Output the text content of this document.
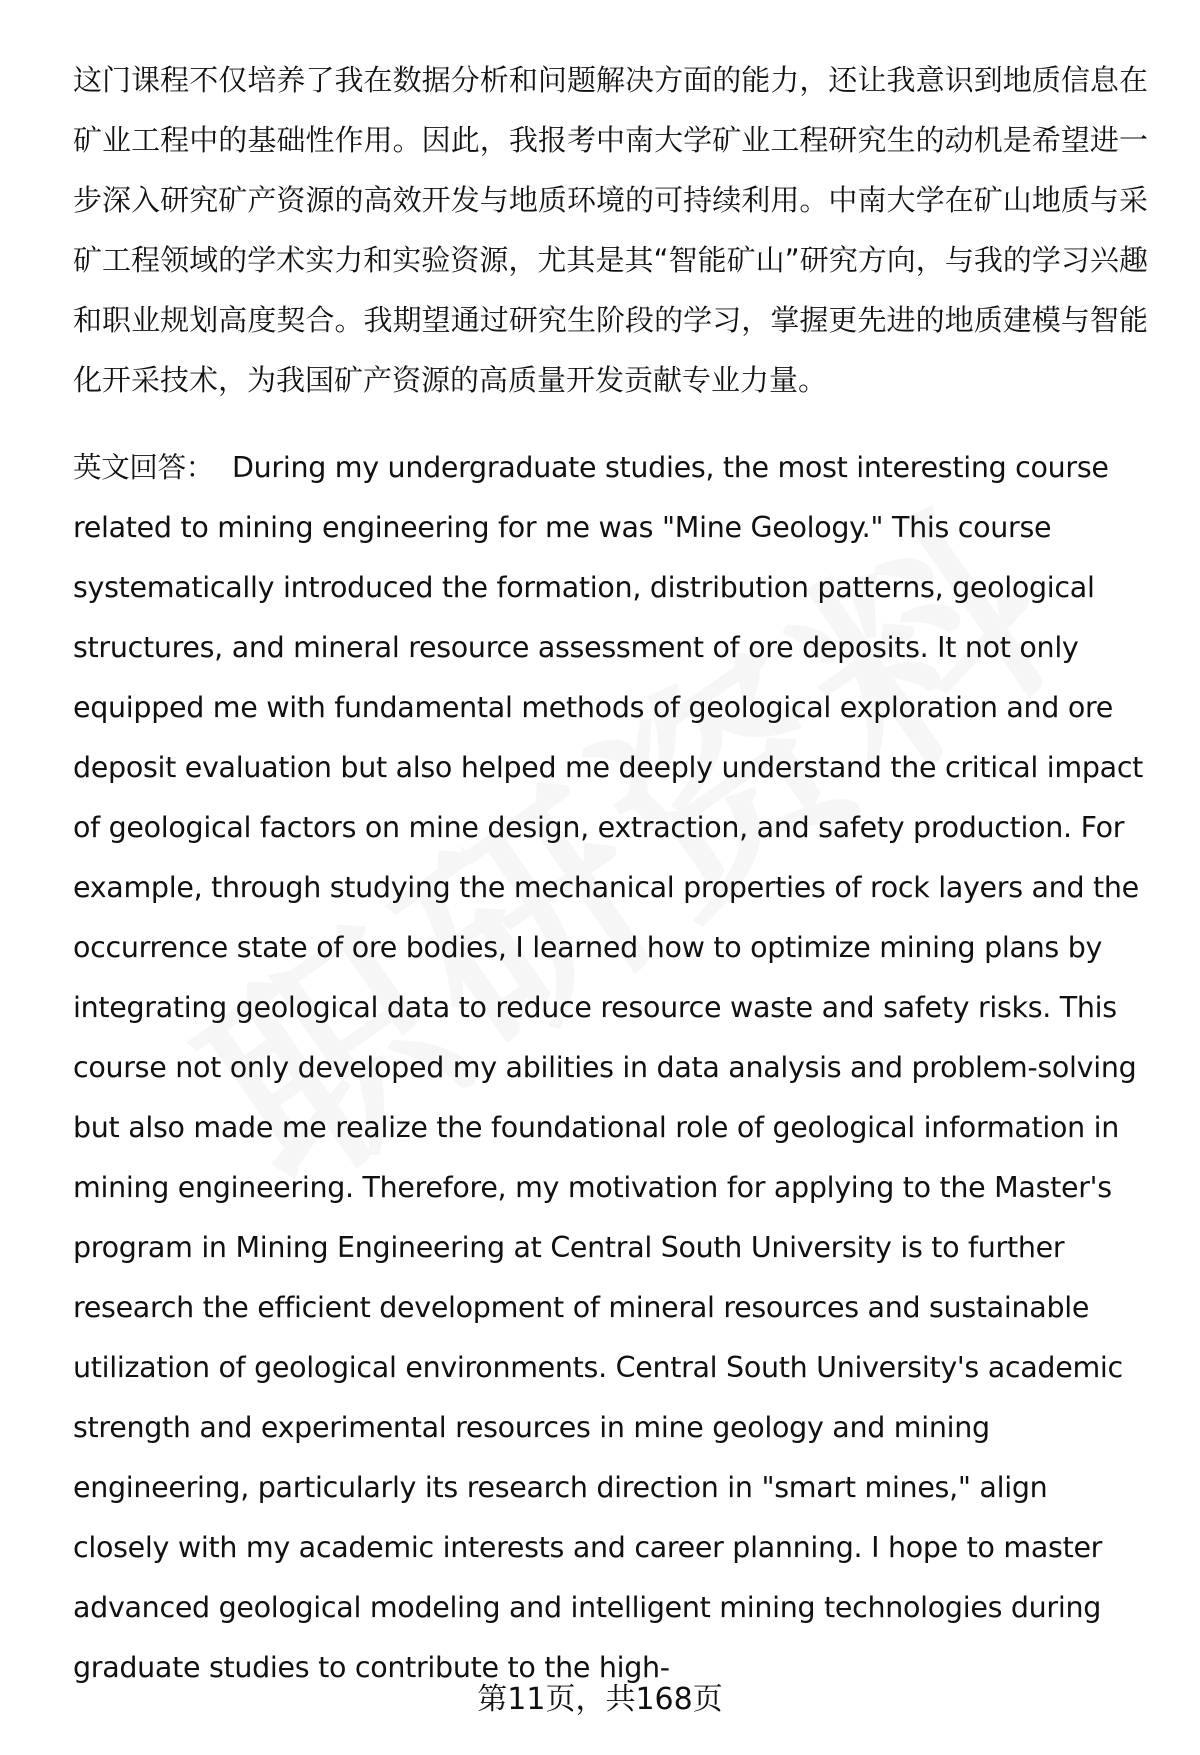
这门课程不仅培养了我在数据分析和问题解决方面的能力，还让我意识到地质信息在矿业工程中的基础性作用。因此，我报考中南大学矿业工程研究生的动机是希望进一步深入研究矿产资源的高效开发与地质环境的可持续利用。中南大学在矿山地质与采矿工程领域的学术实力和实验资源，尤其是其“智能矿山”研究方向，与我的学习兴趣和职业规划高度契合。我期望通过研究生阶段的学习，掌握更先进的地质建模与智能化开采技术，为我国矿产资源的高质量开发贡献专业力量。

英文回答： During my undergraduate studies, the most interesting course related to mining engineering for me was "Mine Geology." This course systematically introduced the formation, distribution patterns, geological structures, and mineral resource assessment of ore deposits. It not only equipped me with fundamental methods of geological exploration and ore deposit evaluation but also helped me deeply understand the critical impact of geological factors on mine design, extraction, and safety production. For example, through studying the mechanical properties of rock layers and the occurrence state of ore bodies, I learned how to optimize mining plans by integrating geological data to reduce resource waste and safety risks. This course not only developed my abilities in data analysis and problem-solving but also made me realize the foundational role of geological information in mining engineering. Therefore, my motivation for applying to the Master's program in Mining Engineering at Central South University is to further research the efficient development of mineral resources and sustainable utilization of geological environments. Central South University's academic strength and experimental resources in mine geology and mining engineering, particularly its research direction in "smart mines," align closely with my academic interests and career planning. I hope to master advanced geological modeling and intelligent mining technologies during graduate studies to contribute to the high-

第11页，共168页
